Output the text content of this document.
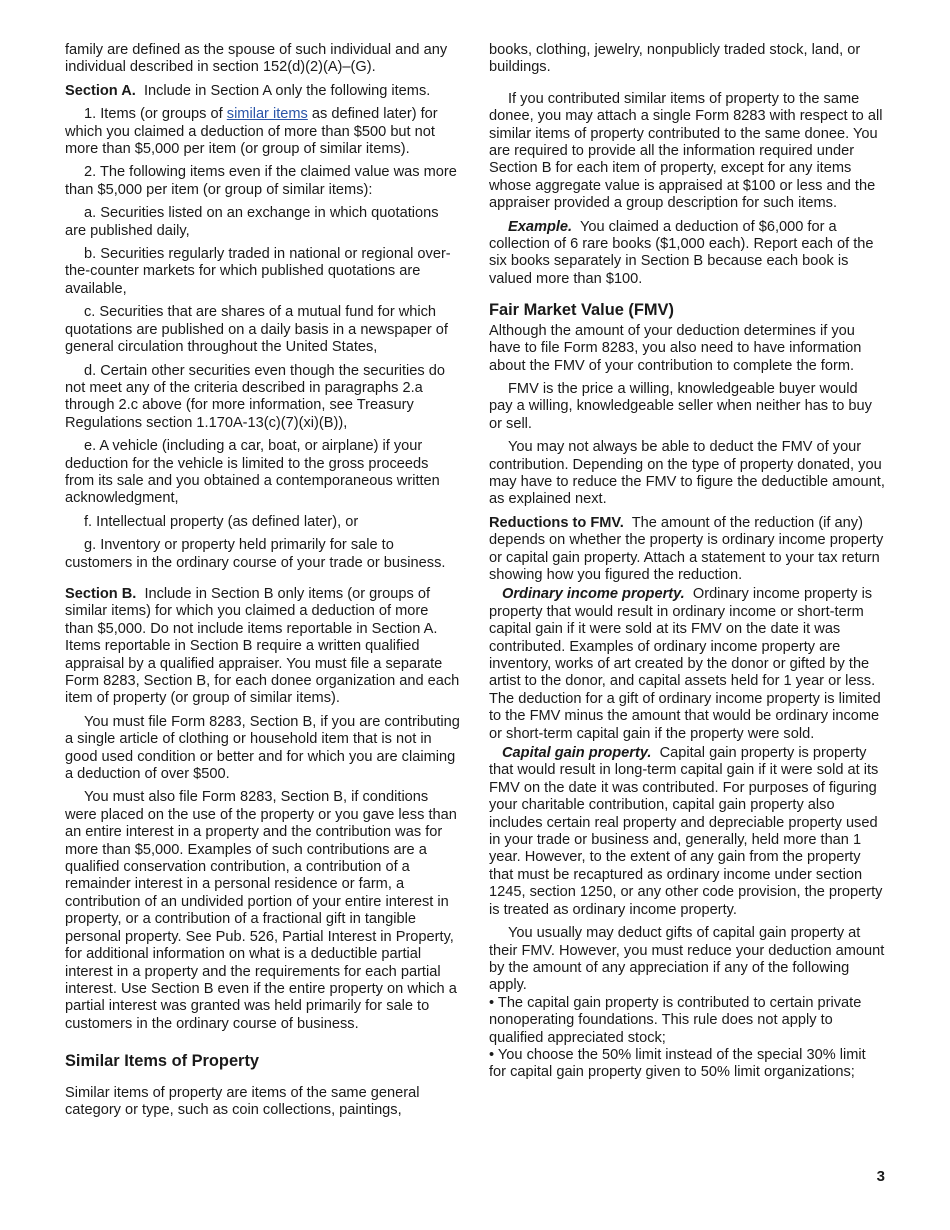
family are defined as the spouse of such individual and any individual described in section 152(d)(2)(A)–(G).

Section A. Include in Section A only the following items.

1. Items (or groups of similar items as defined later) for which you claimed a deduction of more than $500 but not more than $5,000 per item (or group of similar items).

2. The following items even if the claimed value was more than $5,000 per item (or group of similar items):

a. Securities listed on an exchange in which quotations are published daily,

b. Securities regularly traded in national or regional over-the-counter markets for which published quotations are available,

c. Securities that are shares of a mutual fund for which quotations are published on a daily basis in a newspaper of general circulation throughout the United States,

d. Certain other securities even though the securities do not meet any of the criteria described in paragraphs 2.a through 2.c above (for more information, see Treasury Regulations section 1.170A-13(c)(7)(xi)(B)),

e. A vehicle (including a car, boat, or airplane) if your deduction for the vehicle is limited to the gross proceeds from its sale and you obtained a contemporaneous written acknowledgment,

f. Intellectual property (as defined later), or

g. Inventory or property held primarily for sale to customers in the ordinary course of your trade or business.

Section B. Include in Section B only items (or groups of similar items) for which you claimed a deduction of more than $5,000. Do not include items reportable in Section A. Items reportable in Section B require a written qualified appraisal by a qualified appraiser. You must file a separate Form 8283, Section B, for each donee organization and each item of property (or group of similar items).

You must file Form 8283, Section B, if you are contributing a single article of clothing or household item that is not in good used condition or better and for which you are claiming a deduction of over $500.

You must also file Form 8283, Section B, if conditions were placed on the use of the property or you gave less than an entire interest in a property and the contribution was for more than $5,000. Examples of such contributions are a qualified conservation contribution, a contribution of a remainder interest in a personal residence or farm, a contribution of an undivided portion of your entire interest in property, or a contribution of a fractional gift in tangible personal property. See Pub. 526, Partial Interest in Property, for additional information on what is a deductible partial interest in a property and the requirements for each partial interest. Use Section B even if the entire property on which a partial interest was granted was held primarily for sale to customers in the ordinary course of business.

Similar Items of Property

Similar items of property are items of the same general category or type, such as coin collections, paintings,

books, clothing, jewelry, nonpublicly traded stock, land, or buildings.

If you contributed similar items of property to the same donee, you may attach a single Form 8283 with respect to all similar items of property contributed to the same donee. You are required to provide all the information required under Section B for each item of property, except for any items whose aggregate value is appraised at $100 or less and the appraiser provided a group description for such items.

Example. You claimed a deduction of $6,000 for a collection of 6 rare books ($1,000 each). Report each of the six books separately in Section B because each book is valued more than $100.

Fair Market Value (FMV)

Although the amount of your deduction determines if you have to file Form 8283, you also need to have information about the FMV of your contribution to complete the form.

FMV is the price a willing, knowledgeable buyer would pay a willing, knowledgeable seller when neither has to buy or sell.

You may not always be able to deduct the FMV of your contribution. Depending on the type of property donated, you may have to reduce the FMV to figure the deductible amount, as explained next.

Reductions to FMV. The amount of the reduction (if any) depends on whether the property is ordinary income property or capital gain property. Attach a statement to your tax return showing how you figured the reduction.

Ordinary income property. Ordinary income property is property that would result in ordinary income or short-term capital gain if it were sold at its FMV on the date it was contributed. Examples of ordinary income property are inventory, works of art created by the donor or gifted by the artist to the donor, and capital assets held for 1 year or less. The deduction for a gift of ordinary income property is limited to the FMV minus the amount that would be ordinary income or short-term capital gain if the property were sold.

Capital gain property. Capital gain property is property that would result in long-term capital gain if it were sold at its FMV on the date it was contributed. For purposes of figuring your charitable contribution, capital gain property also includes certain real property and depreciable property used in your trade or business and, generally, held more than 1 year. However, to the extent of any gain from the property that must be recaptured as ordinary income under section 1245, section 1250, or any other code provision, the property is treated as ordinary income property.

You usually may deduct gifts of capital gain property at their FMV. However, you must reduce your deduction amount by the amount of any appreciation if any of the following apply.

• The capital gain property is contributed to certain private nonoperating foundations. This rule does not apply to qualified appreciated stock;
• You choose the 50% limit instead of the special 30% limit for capital gain property given to 50% limit organizations;
3
